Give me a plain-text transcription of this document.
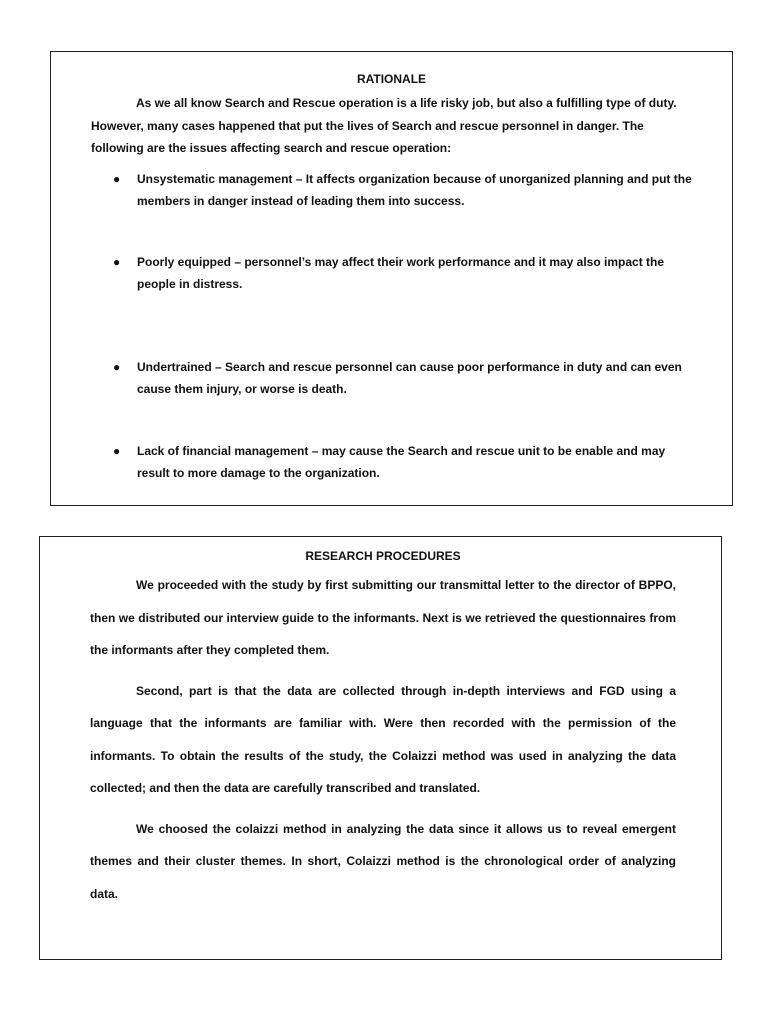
RATIONALE

As we all know Search and Rescue operation is a life risky job, but also a fulfilling type of duty. However, many cases happened that put the lives of Search and rescue personnel in danger. The following are the issues affecting search and rescue operation:

● Unsystematic management – It affects organization because of unorganized planning and put the members in danger instead of leading them into success.
● Poorly equipped – personnel’s may affect their work performance and it may also impact the people in distress.
● Undertrained – Search and rescue personnel can cause poor performance in duty and can even cause them injury, or worse is death.
● Lack of financial management – may cause the Search and rescue unit to be enable and may result to more damage to the organization.

RESEARCH PROCEDURES

We proceeded with the study by first submitting our transmittal letter to the director of BPPO, then we distributed our interview guide to the informants. Next is we retrieved the questionnaires from the informants after they completed them.

Second, part is that the data are collected through in-depth interviews and FGD using a language that the informants are familiar with. Were then recorded with the permission of the informants. To obtain the results of the study, the Colaizzi method was used in analyzing the data collected; and then the data are carefully transcribed and translated.

We choosed the colaizzi method in analyzing the data since it allows us to reveal emergent themes and their cluster themes. In short, Colaizzi method is the chronological order of analyzing data.
